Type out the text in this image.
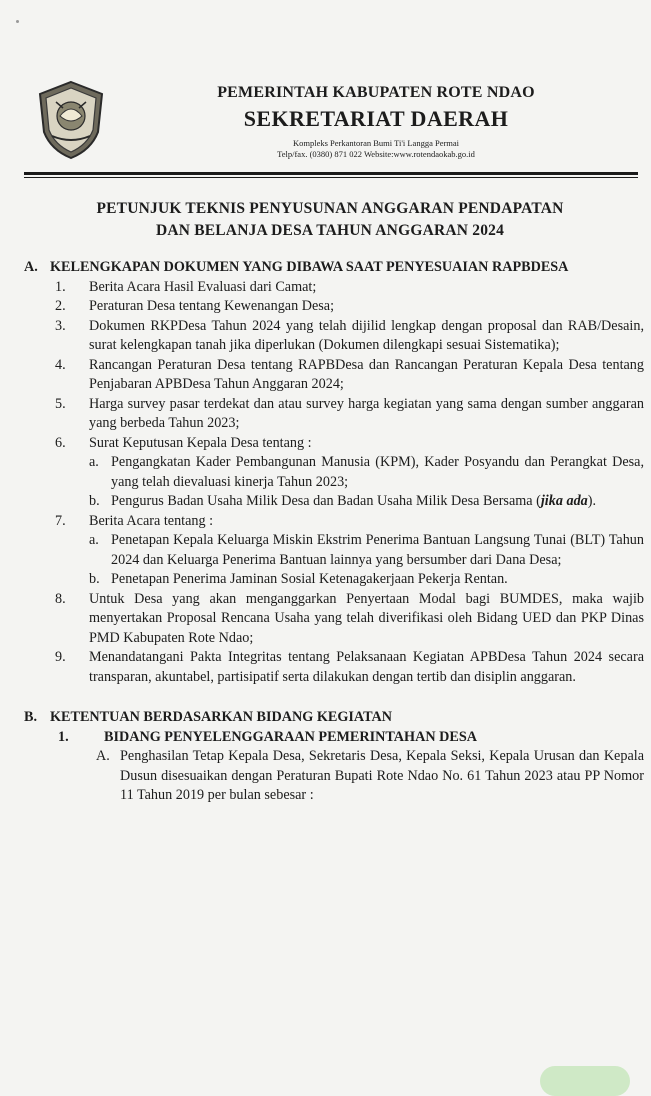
PEMERINTAH KABUPATEN ROTE NDAO
SEKRETARIAT DAERAH
Kompleks Perkantoran Bumi Ti'i Langga Permai
Telp/fax. (0380) 871 022 Website:www.rotendaokab.go.id
PETUNJUK TEKNIS PENYUSUNAN ANGGARAN PENDAPATAN
DAN BELANJA DESA TAHUN ANGGARAN 2024
A. KELENGKAPAN DOKUMEN YANG DIBAWA SAAT PENYESUAIAN RAPBDESA
1.	Berita Acara Hasil Evaluasi dari Camat;
2.	Peraturan Desa tentang Kewenangan Desa;
3.	Dokumen RKPDesa Tahun 2024 yang telah dijilid lengkap dengan proposal dan RAB/Desain, surat kelengkapan tanah jika diperlukan (Dokumen dilengkapi sesuai Sistematika);
4.	Rancangan Peraturan Desa tentang RAPBDesa dan Rancangan Peraturan Kepala Desa tentang Penjabaran APBDesa Tahun Anggaran 2024;
5.	Harga survey pasar terdekat dan atau survey harga kegiatan yang sama dengan sumber anggaran yang berbeda Tahun 2023;
6.	Surat Keputusan Kepala Desa tentang :
a. Pengangkatan Kader Pembangunan Manusia (KPM), Kader Posyandu dan Perangkat Desa, yang telah dievaluasi kinerja Tahun 2023;
b. Pengurus Badan Usaha Milik Desa dan Badan Usaha Milik Desa Bersama (jika ada).
7.	Berita Acara tentang :
a. Penetapan Kepala Keluarga Miskin Ekstrim Penerima Bantuan Langsung Tunai (BLT) Tahun 2024 dan Keluarga Penerima Bantuan lainnya yang bersumber dari Dana Desa;
b. Penetapan Penerima Jaminan Sosial Ketenagakerjaan Pekerja Rentan.
8.	Untuk Desa yang akan menganggarkan Penyertaan Modal bagi BUMDES, maka wajib menyertakan Proposal Rencana Usaha yang telah diverifikasi oleh Bidang UED dan PKP Dinas PMD Kabupaten Rote Ndao;
9.	Menandatangani Pakta Integritas tentang Pelaksanaan Kegiatan APBDesa Tahun 2024 secara transparan, akuntabel, partisipatif serta dilakukan dengan tertib dan disiplin anggaran.
B. KETENTUAN BERDASARKAN BIDANG KEGIATAN
1.	BIDANG PENYELENGGARAAN PEMERINTAHAN DESA
A. Penghasilan Tetap Kepala Desa, Sekretaris Desa, Kepala Seksi, Kepala Urusan dan Kepala Dusun disesuaikan dengan Peraturan Bupati Rote Ndao No. 61 Tahun 2023 atau PP Nomor 11 Tahun 2019 per bulan sebesar :
